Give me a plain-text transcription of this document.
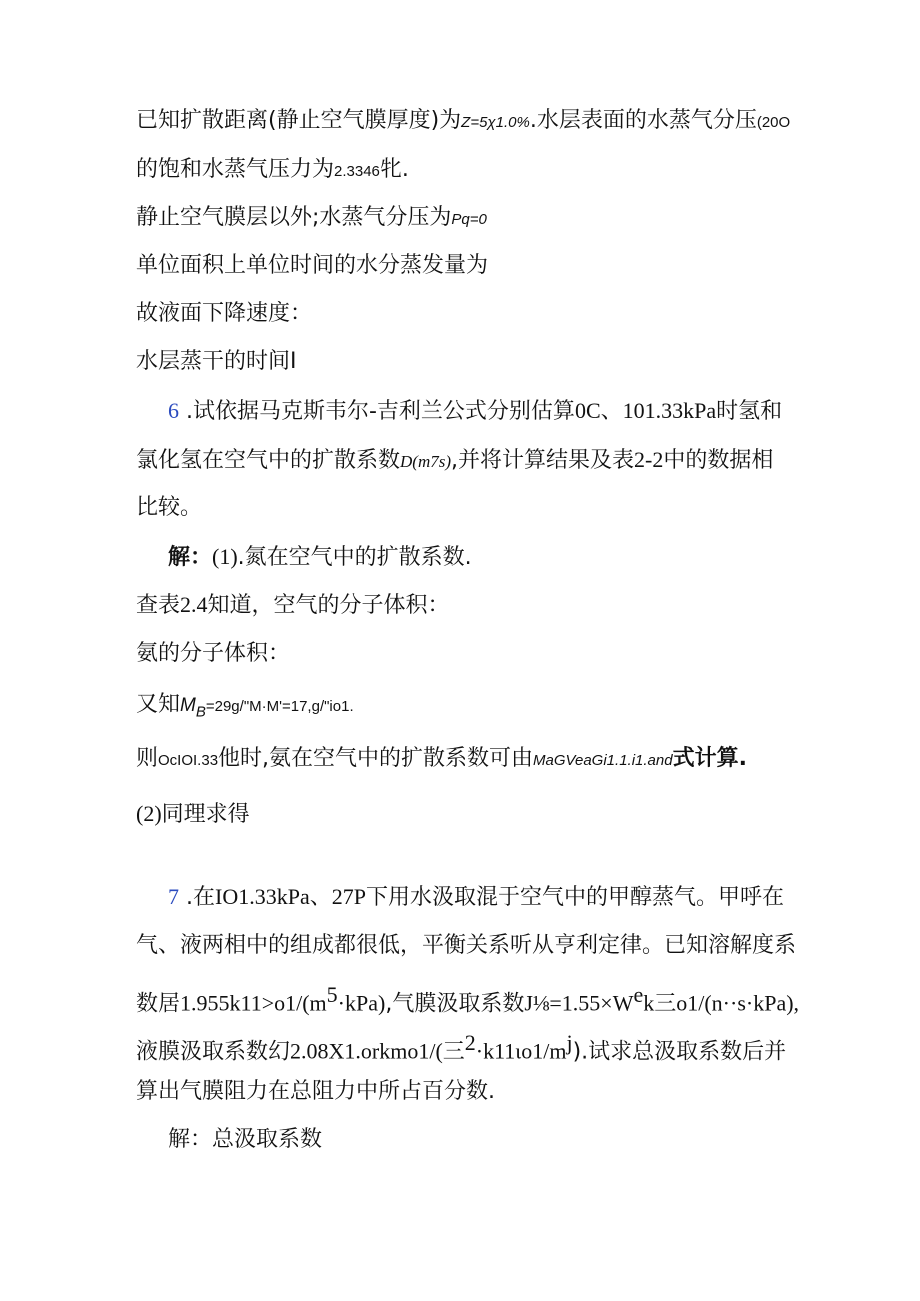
已知扩散距离(静止空气膜厚度)为Z=5χ1.0%.水层表面的水蒸气分压(20O
的饱和水蒸气压力为2.3346牝.
静止空气膜层以外;水蒸气分压为Pq=0
单位面积上单位时间的水分蒸发量为
故液面下降速度：
水层蒸干的时间I
6 .试依据马克斯韦尔-吉利兰公式分别估算0C、101.33kPa时氢和
氯化氢在空气中的扩散系数D(m7s),并将计算结果及表2-2中的数据相
比较。
解：(1).氮在空气中的扩散系数.
查表2.4知道，空气的分子体积：
氨的分子体积：
又知$M_B=29g/"M\cdot M'=17,g/"io1$.
则OcIOI.33他时,氨在空气中的扩散系数可由MaGVeaGi1.1.i1.and式计算.
(2)同理求得
7 .在IO1.33kPa、27P下用水汲取混于空气中的甲醇蒸气。甲呼在
气、液两相中的组成都很低，平衡关系听从亨利定律。已知溶解度系
数居$1.955k11>o1/(m^5\cdot kPa)$,气膜汲取系数$J\frac{1}{8}=1.55\times W^ek$三o1/(n··s·kPa),
液膜汲取系数幻2.08X1.orkmo1/(三$^2\cdot k11\iota o1/m^j$).试求总汲取系数后并
算出气膜阻力在总阻力中所占百分数.
解：总汲取系数
